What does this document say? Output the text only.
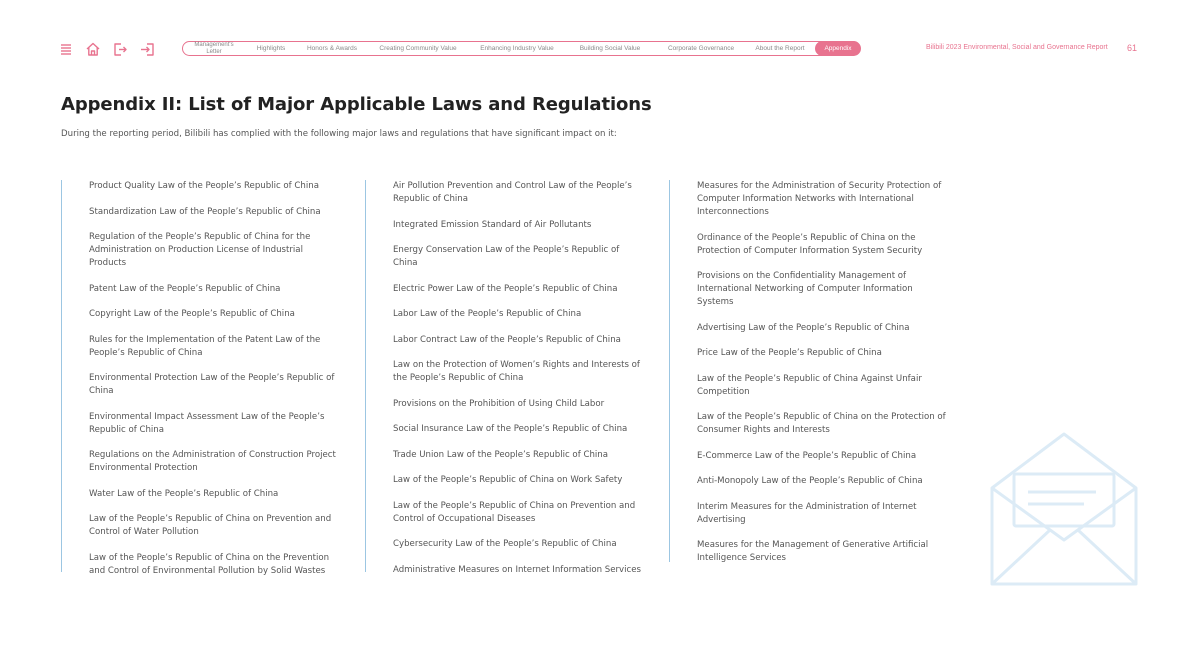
Management's
Letter	Highlights	Honors & Awards	Creating Community Value	Enhancing Industry Value	Building Social Value	Corporate Governance	About the Report	Appendix	Bilibili 2023 Environmental, Social and Governance Report 61
Appendix II: List of Major Applicable Laws and Regulations

During the reporting period, Bilibili has complied with the following major laws and regulations that have significant impact on it:

Product Quality Law of the People’s Republic of China
Standardization Law of the People’s Republic of China
Regulation of the People’s Republic of China for the Administration on Production License of Industrial Products
Patent Law of the People’s Republic of China
Copyright Law of the People’s Republic of China
Rules for the Implementation of the Patent Law of the People’s Republic of China
Environmental Protection Law of the People’s Republic of China
Environmental Impact Assessment Law of the People’s Republic of China
Regulations on the Administration of Construction Project Environmental Protection
Water Law of the People’s Republic of China
Law of the People’s Republic of China on Prevention and Control of Water Pollution
Law of the People’s Republic of China on the Prevention and Control of Environmental Pollution by Solid Wastes
Air Pollution Prevention and Control Law of the People’s Republic of China
Integrated Emission Standard of Air Pollutants
Energy Conservation Law of the People’s Republic of China
Electric Power Law of the People’s Republic of China
Labor Law of the People’s Republic of China
Labor Contract Law of the People’s Republic of China
Law on the Protection of Women’s Rights and Interests of the People’s Republic of China
Provisions on the Prohibition of Using Child Labor
Social Insurance Law of the People’s Republic of China
Trade Union Law of the People’s Republic of China
Law of the People’s Republic of China on Work Safety
Law of the People’s Republic of China on Prevention and Control of Occupational Diseases
Cybersecurity Law of the People’s Republic of China
Administrative Measures on Internet Information Services
Measures for the Administration of Security Protection of Computer Information Networks with International Interconnections
Ordinance of the People’s Republic of China on the Protection of Computer Information System Security
Provisions on the Confidentiality Management of International Networking of Computer Information Systems
Advertising Law of the People’s Republic of China
Price Law of the People’s Republic of China
Law of the People’s Republic of China Against Unfair Competition
Law of the People’s Republic of China on the Protection of Consumer Rights and Interests
E-Commerce Law of the People’s Republic of China
Anti-Monopoly Law of the People’s Republic of China
Interim Measures for the Administration of Internet Advertising
Measures for the Management of Generative Artificial Intelligence Services
